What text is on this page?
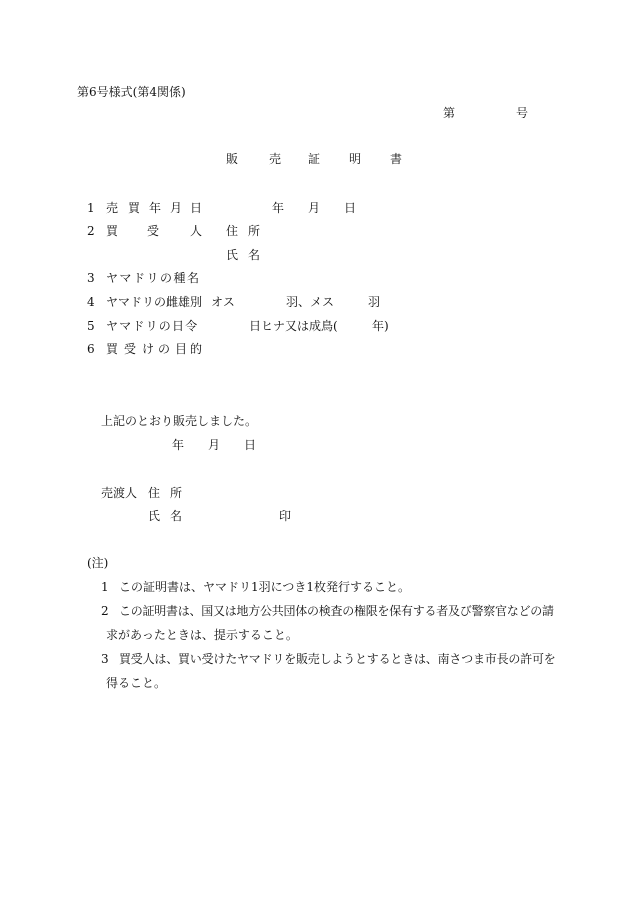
第6号様式(第4関係)
第	号
販	売 証 明 書
1 売 買 年 月 日	年 月 日
2 買 受	人 住 所
氏 名
3 ヤマドリの種名
4 ヤマドリの雌雄別 オス	羽、メス	羽
5 ヤマドリの日令	日ヒナ又は成鳥(	年)
6 買 受 け の 目 的
上記のとおり販売しました。
年 月 日
売渡人 住 所
氏 名	印
(注)
1 この証明書は、ヤマドリ1羽につき1枚発行すること。
2 この証明書は、国又は地方公共団体の検査の権限を保有する者及び警察官などの請
求があったときは、提示すること。
3 買受人は、買い受けたヤマドリを販売しようとするときは、南さつま市長の許可を
得ること。
